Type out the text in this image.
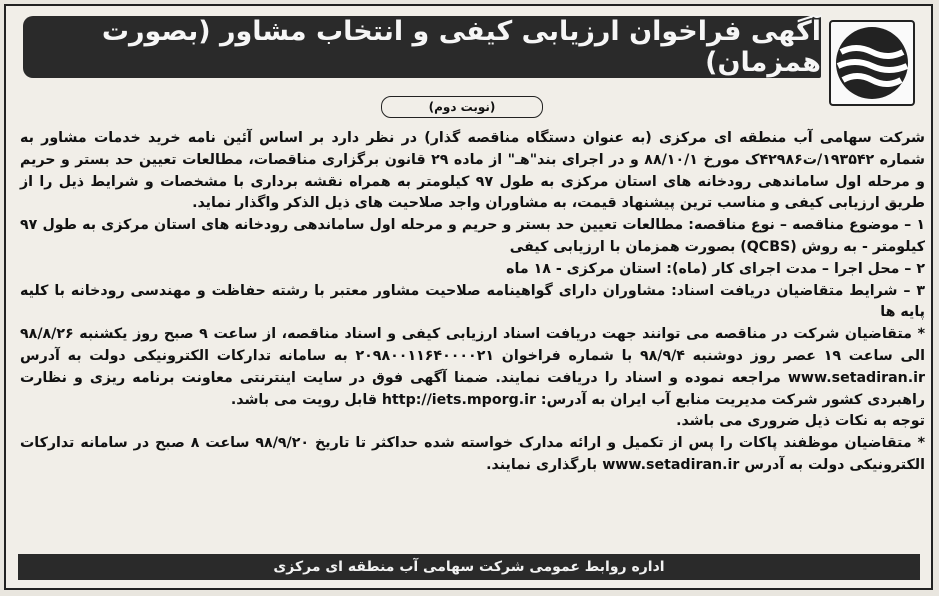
آگهی فراخوان ارزیابی کیفی و انتخاب مشاور (بصورت همزمان)
(نوبت دوم)

شرکت سهامی آب منطقه ای مرکزی (به عنوان دستگاه مناقصه گذار) در نظر دارد بر اساس آئین نامه خرید خدمات مشاور به شماره ۱۹۳۵۴۲/ت۴۲۹۸۶ک مورخ ۸۸/۱۰/۱ و در اجرای بند"هـ" از ماده ۲۹ قانون برگزاری مناقصات، مطالعات تعیین حد بستر و حریم و مرحله اول ساماندهی رودخانه های استان مرکزی به طول ۹۷ کیلومتر به همراه نقشه برداری با مشخصات و شرایط ذیل را از طریق ارزیابی کیفی و مناسب ترین پیشنهاد قیمت، به مشاوران واجد صلاحیت های ذیل الذکر واگذار نماید.

۱ – موضوع مناقصه – نوع مناقصه: مطالعات تعیین حد بستر و حریم و مرحله اول ساماندهی رودخانه های استان مرکزی به طول ۹۷ کیلومتر - به روش (QCBS) بصورت همزمان با ارزیابی کیفی

۲ – محل اجرا – مدت اجرای کار (ماه): استان مرکزی - ۱۸ ماه

۳ – شرایط متقاضیان دریافت اسناد: مشاوران دارای گواهینامه صلاحیت مشاور معتبر با رشته حفاظت و مهندسی رودخانه با کلیه پایه ها

* متقاضیان شرکت در مناقصه می توانند جهت دریافت اسناد ارزیابی کیفی و اسناد مناقصه، از ساعت ۹ صبح روز یکشنبه ۹۸/۸/۲۶ الی ساعت ۱۹ عصر روز دوشنبه ۹۸/۹/۴ با شماره فراخوان ۲۰۹۸۰۰۱۱۶۴۰۰۰۰۲۱ به سامانه تدارکات الکترونیکی دولت به آدرس www.setadiran.ir مراجعه نموده و اسناد را دریافت نمایند. ضمنا آگهی فوق در سایت اینترنتی معاونت برنامه ریزی و نظارت راهبردی کشور شرکت مدیریت منابع آب ایران به آدرس: http://iets.mporg.ir قابل رویت می باشد.

توجه به نکات ذیل ضروری می باشد.

* متقاضیان موظفند پاکات را پس از تکمیل و ارائه مدارک خواسته شده حداکثر تا تاریخ ۹۸/۹/۲۰ ساعت ۸ صبح در سامانه تدارکات الکترونیکی دولت به آدرس www.setadiran.ir بارگذاری نمایند.

اداره روابط عمومی شرکت سهامی آب منطقه ای مرکزی
